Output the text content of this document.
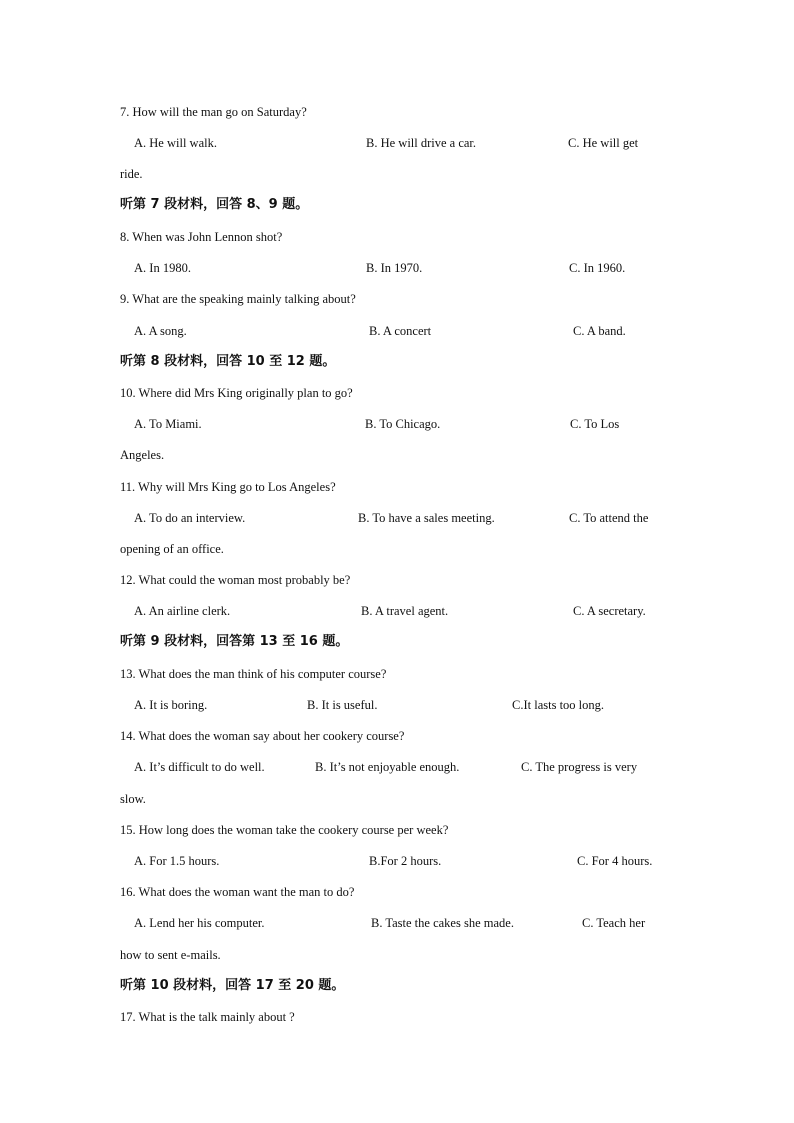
7. How will the man go on Saturday?
A. He will walk.	B. He will drive a car.	C. He will get
ride.
听第 7 段材料，回答 8、9 题。
8. When was John Lennon shot?
A. In 1980.	B. In 1970.	C. In 1960.
9. What are the speaking mainly talking about?
A. A song.	B. A concert	C. A band.
听第 8 段材料，回答 10 至 12 题。
10. Where did Mrs King originally plan to go?
A. To Miami.	B. To Chicago.	C. To Los
Angeles.
11. Why will Mrs King go to Los Angeles?
A. To do an interview.	B. To have a sales meeting.	C. To attend the
opening of an office.
12. What could the woman most probably be?
A. An airline clerk.	B. A travel agent.	C. A secretary.
听第 9 段材料，回答第 13 至 16 题。
13. What does the man think of his computer course?
A. It is boring.	B. It is useful.	C.It lasts too long.
14. What does the woman say about her cookery course?
A. It’s difficult to do well.	B. It’s not enjoyable enough.	C. The progress is very
slow.
15. How long does the woman take the cookery course per week?
A. For 1.5 hours.	B.For 2 hours.	C. For 4 hours.
16. What does the woman want the man to do?
A. Lend her his computer.	B. Taste the cakes she made.	C. Teach her
how to sent e-mails.
听第 10 段材料，回答 17 至 20 题。
17. What is the talk mainly about ?
